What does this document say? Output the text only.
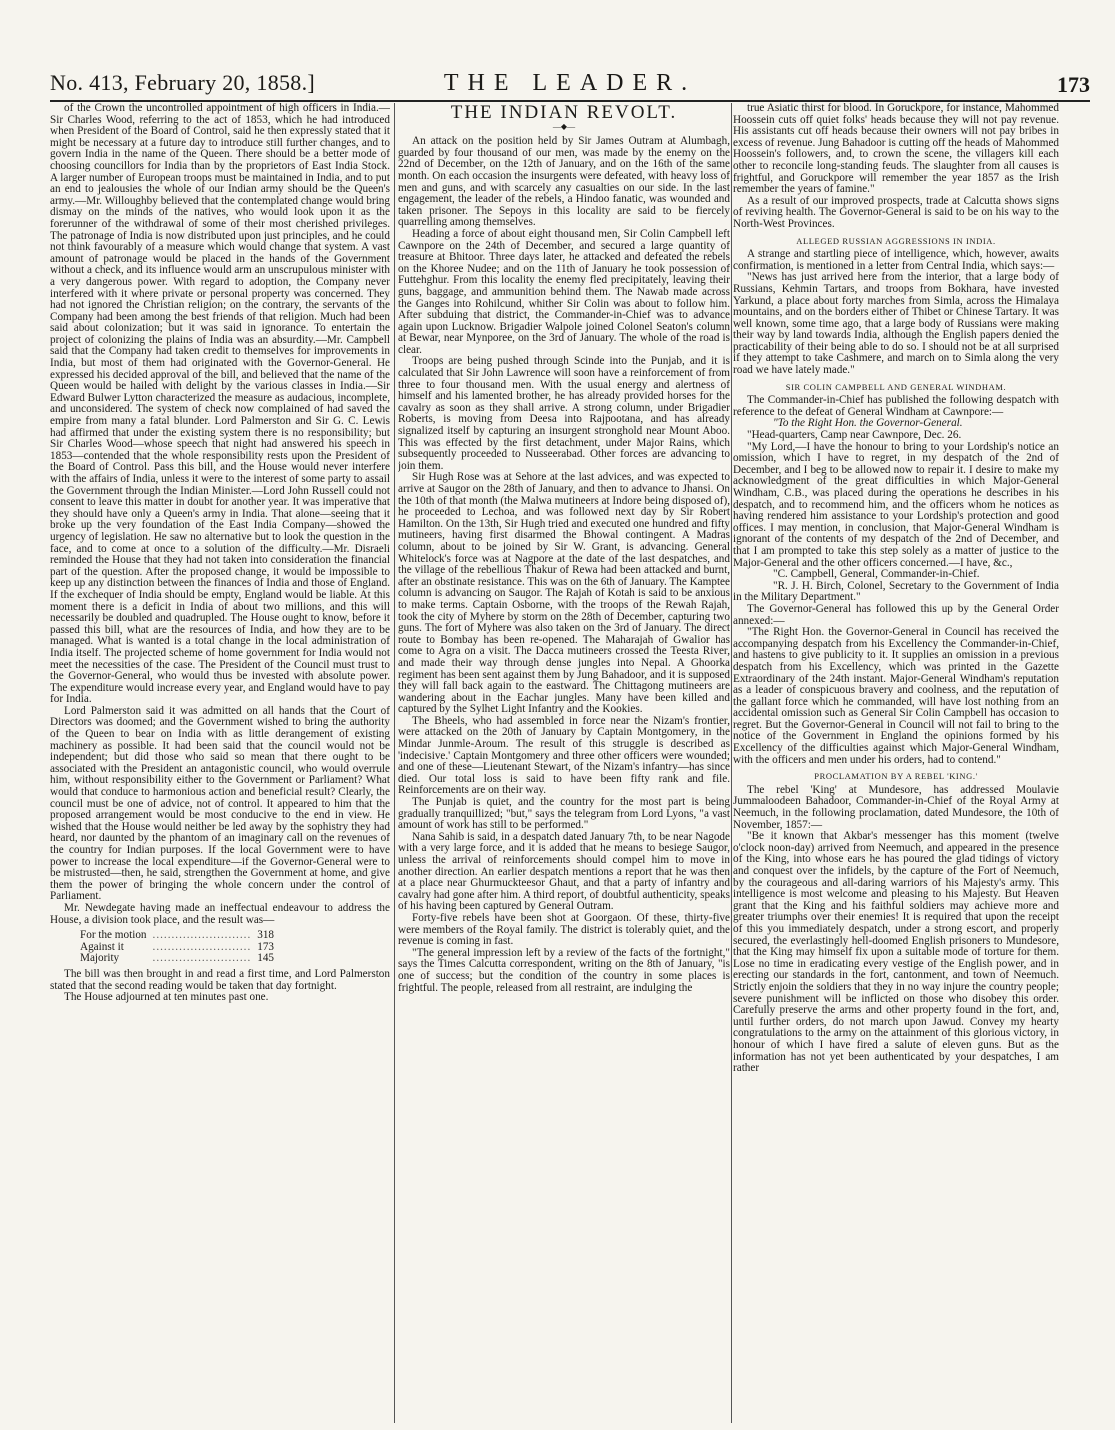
No. 413, February 20, 1858.]	THE LEADER.	173

of the Crown the uncontrolled appointment of high officers in India.—Sir Charles Wood, referring to the act of 1853, which he had introduced when President of the Board of Control, said he then expressly stated that it might be necessary at a future day to introduce still further changes, and to govern India in the name of the Queen. There should be a better mode of choosing councillors for India than by the proprietors of East India Stock. A larger number of European troops must be maintained in India, and to put an end to jealousies the whole of our Indian army should be the Queen's army.—Mr. Willoughby believed that the contemplated change would bring dismay on the minds of the natives, who would look upon it as the forerunner of the withdrawal of some of their most cherished privileges. The patronage of India is now distributed upon just principles, and he could not think favourably of a measure which would change that system. A vast amount of patronage would be placed in the hands of the Government without a check, and its influence would arm an unscrupulous minister with a very dangerous power. With regard to adoption, the Company never interfered with it where private or personal property was concerned. They had not ignored the Christian religion; on the contrary, the servants of the Company had been among the best friends of that religion. Much had been said about colonization; but it was said in ignorance. To entertain the project of colonizing the plains of India was an absurdity.—Mr. Campbell said that the Company had taken credit to themselves for improvements in India, but most of them had originated with the Governor-General. He expressed his decided approval of the bill, and believed that the name of the Queen would be hailed with delight by the various classes in India.—Sir Edward Bulwer Lytton characterized the measure as audacious, incomplete, and unconsidered. The system of check now complained of had saved the empire from many a fatal blunder. Lord Palmerston and Sir G. C. Lewis had affirmed that under the existing system there is no responsibility; but Sir Charles Wood—whose speech that night had answered his speech in 1853—contended that the whole responsibility rests upon the President of the Board of Control. Pass this bill, and the House would never interfere with the affairs of India, unless it were to the interest of some party to assail the Government through the Indian Minister.—Lord John Russell could not consent to leave this matter in doubt for another year. It was imperative that they should have only a Queen's army in India. That alone—seeing that it broke up the very foundation of the East India Company—showed the urgency of legislation. He saw no alternative but to look the question in the face, and to come at once to a solution of the difficulty.—Mr. Disraeli reminded the House that they had not taken into consideration the financial part of the question. After the proposed change, it would be impossible to keep up any distinction between the finances of India and those of England. If the exchequer of India should be empty, England would be liable. At this moment there is a deficit in India of about two millions, and this will necessarily be doubled and quadrupled. The House ought to know, before it passed this bill, what are the resources of India, and how they are to be managed. What is wanted is a total change in the local administration of India itself. The projected scheme of home government for India would not meet the necessities of the case. The President of the Council must trust to the Governor-General, who would thus be invested with absolute power. The expenditure would increase every year, and England would have to pay for India.

Lord Palmerston said it was admitted on all hands that the Court of Directors was doomed; and the Government wished to bring the authority of the Queen to bear on India with as little derangement of existing machinery as possible. It had been said that the council would not be independent; but did those who said so mean that there ought to be associated with the President an antagonistic council, who would overrule him, without responsibility either to the Government or Parliament? What would that conduce to harmonious action and beneficial result? Clearly, the council must be one of advice, not of control. It appeared to him that the proposed arrangement would be most conducive to the end in view. He wished that the House would neither be led away by the sophistry they had heard, nor daunted by the phantom of an imaginary call on the revenues of the country for Indian purposes. If the local Government were to have power to increase the local expenditure—if the Governor-General were to be mistrusted—then, he said, strengthen the Government at home, and give them the power of bringing the whole concern under the control of Parliament.

Mr. Newdegate having made an ineffectual endeavour to address the House, a division took place, and the result was—

For the motion	..........................	318
Against it	..........................	173
Majority	..........................	145

The bill was then brought in and read a first time, and Lord Palmerston stated that the second reading would be taken that day fortnight.

The House adjourned at ten minutes past one.

THE INDIAN REVOLT.
—◆—

An attack on the position held by Sir James Outram at Alumbagh, guarded by four thousand of our men, was made by the enemy on the 22nd of December, on the 12th of January, and on the 16th of the same month. On each occasion the insurgents were defeated, with heavy loss of men and guns, and with scarcely any casualties on our side. In the last engagement, the leader of the rebels, a Hindoo fanatic, was wounded and taken prisoner. The Sepoys in this locality are said to be fiercely quarrelling among themselves.

Heading a force of about eight thousand men, Sir Colin Campbell left Cawnpore on the 24th of December, and secured a large quantity of treasure at Bhitoor. Three days later, he attacked and defeated the rebels on the Khoree Nudee; and on the 11th of January he took possession of Futtehghur. From this locality the enemy fled precipitately, leaving their guns, baggage, and ammunition behind them. The Nawab made across the Ganges into Rohilcund, whither Sir Colin was about to follow him. After subduing that district, the Commander-in-Chief was to advance again upon Lucknow. Brigadier Walpole joined Colonel Seaton's column at Bewar, near Mynporee, on the 3rd of January. The whole of the road is clear.

Troops are being pushed through Scinde into the Punjab, and it is calculated that Sir John Lawrence will soon have a reinforcement of from three to four thousand men. With the usual energy and alertness of himself and his lamented brother, he has already provided horses for the cavalry as soon as they shall arrive. A strong column, under Brigadier Roberts, is moving from Deesa into Rajpootana, and has already signalized itself by capturing an insurgent stronghold near Mount Aboo. This was effected by the first detachment, under Major Rains, which subsequently proceeded to Nusseerabad. Other forces are advancing to join them.

Sir Hugh Rose was at Sehore at the last advices, and was expected to arrive at Saugor on the 28th of January, and then to advance to Jhansi. On the 10th of that month (the Malwa mutineers at Indore being disposed of), he proceeded to Lechoa, and was followed next day by Sir Robert Hamilton. On the 13th, Sir Hugh tried and executed one hundred and fifty mutineers, having first disarmed the Bhowal contingent. A Madras column, about to be joined by Sir W. Grant, is advancing. General Whitelock's force was at Nagpore at the date of the last despatches, and the village of the rebellious Thakur of Rewa had been attacked and burnt, after an obstinate resistance. This was on the 6th of January. The Kamptee column is advancing on Saugor. The Rajah of Kotah is said to be anxious to make terms. Captain Osborne, with the troops of the Rewah Rajah, took the city of Myhere by storm on the 28th of December, capturing two guns. The fort of Myhere was also taken on the 3rd of January. The direct route to Bombay has been re-opened. The Maharajah of Gwalior has come to Agra on a visit. The Dacca mutineers crossed the Teesta River, and made their way through dense jungles into Nepal. A Ghoorka regiment has been sent against them by Jung Bahadoor, and it is supposed they will fall back again to the eastward. The Chittagong mutineers are wandering about in the Eachar jungles. Many have been killed and captured by the Sylhet Light Infantry and the Kookies.

The Bheels, who had assembled in force near the Nizam's frontier, were attacked on the 20th of January by Captain Montgomery, in the Mindar Junmle-Aroum. The result of this struggle is described as 'indecisive.' Captain Montgomery and three other officers were wounded; and one of these—Lieutenant Stewart, of the Nizam's infantry—has since died. Our total loss is said to have been fifty rank and file. Reinforcements are on their way.

The Punjab is quiet, and the country for the most part is being gradually tranquillized; "but," says the telegram from Lord Lyons, "a vast amount of work has still to be performed."

Nana Sahib is said, in a despatch dated January 7th, to be near Nagode with a very large force, and it is added that he means to besiege Saugor, unless the arrival of reinforcements should compel him to move in another direction. An earlier despatch mentions a report that he was then at a place near Ghurmuckteesor Ghaut, and that a party of infantry and cavalry had gone after him. A third report, of doubtful authenticity, speaks of his having been captured by General Outram.

Forty-five rebels have been shot at Goorgaon. Of these, thirty-five were members of the Royal family. The district is tolerably quiet, and the revenue is coming in fast.

"The general impression left by a review of the facts of the fortnight," says the Times Calcutta correspondent, writing on the 8th of January, "is one of success; but the condition of the country in some places is frightful. The people, released from all restraint, are indulging the

true Asiatic thirst for blood. In Goruckpore, for instance, Mahommed Hoossein cuts off quiet folks' heads because they will not pay revenue. His assistants cut off heads because their owners will not pay bribes in excess of revenue. Jung Bahadoor is cutting off the heads of Mahommed Hoossein's followers, and, to crown the scene, the villagers kill each other to reconcile long-standing feuds. The slaughter from all causes is frightful, and Goruckpore will remember the year 1857 as the Irish remember the years of famine."

As a result of our improved prospects, trade at Calcutta shows signs of reviving health. The Governor-General is said to be on his way to the North-West Provinces.

ALLEGED RUSSIAN AGGRESSIONS IN INDIA.

A strange and startling piece of intelligence, which, however, awaits confirmation, is mentioned in a letter from Central India, which says:—

"News has just arrived here from the interior, that a large body of Russians, Kehmin Tartars, and troops from Bokhara, have invested Yarkund, a place about forty marches from Simla, across the Himalaya mountains, and on the borders either of Thibet or Chinese Tartary. It was well known, some time ago, that a large body of Russians were making their way by land towards India, although the English papers denied the practicability of their being able to do so. I should not be at all surprised if they attempt to take Cashmere, and march on to Simla along the very road we have lately made."

SIR COLIN CAMPBELL AND GENERAL WINDHAM.

The Commander-in-Chief has published the following despatch with reference to the defeat of General Windham at Cawnpore:—

"To the Right Hon. the Governor-General.

"Head-quarters, Camp near Cawnpore, Dec. 26.

"My Lord,—I have the honour to bring to your Lordship's notice an omission, which I have to regret, in my despatch of the 2nd of December, and I beg to be allowed now to repair it. I desire to make my acknowledgment of the great difficulties in which Major-General Windham, C.B., was placed during the operations he describes in his despatch, and to recommend him, and the officers whom he notices as having rendered him assistance to your Lordship's protection and good offices. I may mention, in conclusion, that Major-General Windham is ignorant of the contents of my despatch of the 2nd of December, and that I am prompted to take this step solely as a matter of justice to the Major-General and the other officers concerned.—I have, &c.,

"C. Campbell, General, Commander-in-Chief.

"R. J. H. Birch, Colonel, Secretary to the Government of India in the Military Department."

The Governor-General has followed this up by the General Order annexed:—

"The Right Hon. the Governor-General in Council has received the accompanying despatch from his Excellency the Commander-in-Chief, and hastens to give publicity to it. It supplies an omission in a previous despatch from his Excellency, which was printed in the Gazette Extraordinary of the 24th instant. Major-General Windham's reputation as a leader of conspicuous bravery and coolness, and the reputation of the gallant force which he commanded, will have lost nothing from an accidental omission such as General Sir Colin Campbell has occasion to regret. But the Governor-General in Council will not fail to bring to the notice of the Government in England the opinions formed by his Excellency of the difficulties against which Major-General Windham, with the officers and men under his orders, had to contend."

PROCLAMATION BY A REBEL 'KING.'

The rebel 'King' at Mundesore, has addressed Moulavie Jummaloodeen Bahadoor, Commander-in-Chief of the Royal Army at Neemuch, in the following proclamation, dated Mundesore, the 10th of November, 1857:—

"Be it known that Akbar's messenger has this moment (twelve o'clock noon-day) arrived from Neemuch, and appeared in the presence of the King, into whose ears he has poured the glad tidings of victory and conquest over the infidels, by the capture of the Fort of Neemuch, by the courageous and all-daring warriors of his Majesty's army. This intelligence is most welcome and pleasing to his Majesty. But Heaven grant that the King and his faithful soldiers may achieve more and greater triumphs over their enemies! It is required that upon the receipt of this you immediately despatch, under a strong escort, and properly secured, the everlastingly hell-doomed English prisoners to Mundesore, that the King may himself fix upon a suitable mode of torture for them. Lose no time in eradicating every vestige of the English power, and in erecting our standards in the fort, cantonment, and town of Neemuch. Strictly enjoin the soldiers that they in no way injure the country people; severe punishment will be inflicted on those who disobey this order. Carefully preserve the arms and other property found in the fort, and, until further orders, do not march upon Jawud. Convey my hearty congratulations to the army on the attainment of this glorious victory, in honour of which I have fired a salute of eleven guns. But as the information has not yet been authenticated by your despatches, I am rather
